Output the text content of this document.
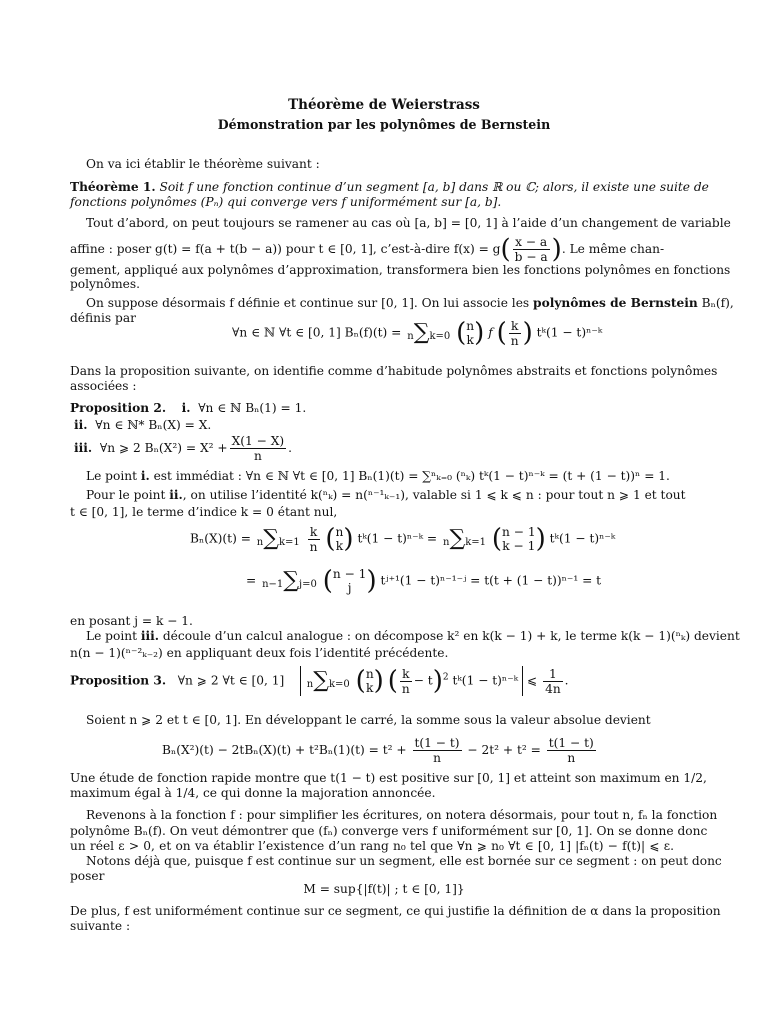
Théorème de Weierstrass
Démonstration par les polynômes de Bernstein
On va ici établir le théorème suivant :
Théorème 1. Soit f une fonction continue d’un segment [a, b] dans ℝ ou ℂ; alors, il existe une suite de
fonctions polynômes (Pₙ) qui converge vers f uniformément sur [a, b].
Tout d’abord, on peut toujours se ramener au cas où [a, b] = [0, 1] à l’aide d’un changement de variable
affine : poser g(t) = f(a + t(b − a)) pour t ∈ [0, 1], c’est-à-dire $f(x) = g( \frac{x - a}{b - a}$ ). Le même chan-
gement, appliqué aux polynômes d’approximation, transformera bien les fonctions polynômes en fonctions
polynômes.
On suppose désormais f définie et continue sur [0, 1]. On lui associe les polynômes de Bernstein Bₙ(f),
définis par
∀n ∈ ℕ ∀t ∈ [0, 1] Bₙ(f)(t) = n∑k=0 ( n
k ) f ( $\frac{k}{n}$ ) tᵏ(1 − t)ⁿ⁻ᵏ
Dans la proposition suivante, on identifie comme d’habitude polynômes abstraits et fonctions polynômes
associées :
Proposition 2. i. ∀n ∈ ℕ Bₙ(1) = 1.
ii. ∀n ∈ ℕ* Bₙ(X) = X.
iii. ∀n ⩾ 2 $B_n(X^2) = X^2 + \frac{X(1 - X)}{n}$ .
Le point i. est immédiat : ∀n ∈ ℕ ∀t ∈ [0, 1] Bₙ(1)(t) = ∑ⁿₖ₌₀ (ⁿₖ) tᵏ(1 − t)ⁿ⁻ᵏ = (t + (1 − t))ⁿ = 1.
Pour le point ii., on utilise l’identité k(ⁿₖ) = n(ⁿ⁻¹ₖ₋₁), valable si 1 ⩽ k ⩽ n : pour tout n ⩾ 1 et tout
t ∈ [0, 1], le terme d’indice k = 0 étant nul,
$B_n(X)(t) = n\sum k=1 \frac{k}{n}$ ( n
k ) tᵏ(1 − t)ⁿ⁻ᵏ = n∑k=1 ( n − 1
k − 1 ) tᵏ(1 − t)ⁿ⁻ᵏ
= n−1∑j=0 ( n − 1
j ) tʲ⁺¹(1 − t)ⁿ⁻¹⁻ʲ = t(t + (1 − t))ⁿ⁻¹ = t
en posant j = k − 1.
Le point iii. découle d’un calcul analogue : on décompose k² en k(k − 1) + k, le terme k(k − 1)(ⁿₖ) devient
n(n − 1)(ⁿ⁻²ₖ₋₂) en appliquant deux fois l’identité précédente.
Proposition 3. ∀n ⩾ 2 ∀t ∈ [0, 1] n∑k=0 ( n
k ) ( $\frac{k}{n} - t)^2$ tᵏ(1 − t)ⁿ⁻ᵏ ⩽ $\frac{1}{4n}$ .
Soient n ⩾ 2 et t ∈ [0, 1]. En développant le carré, la somme sous la valeur absolue devient
$B_n(X^2)(t) - 2tB_n(X)(t) + t^2B_n(1)(t) = t^2 + \frac{t(1 - t)}{n} - 2t^2 + t^2 = \frac{t(1 - t)}{n}$
Une étude de fonction rapide montre que t(1 − t) est positive sur [0, 1] et atteint son maximum en 1/2,
maximum égal à 1/4, ce qui donne la majoration annoncée.
Revenons à la fonction f : pour simplifier les écritures, on notera désormais, pour tout n, fₙ la fonction
polynôme Bₙ(f). On veut démontrer que (fₙ) converge vers f uniformément sur [0, 1]. On se donne donc
un réel ε > 0, et on va établir l’existence d’un rang n₀ tel que ∀n ⩾ n₀ ∀t ∈ [0, 1] |fₙ(t) − f(t)| ⩽ ε.
Notons déjà que, puisque f est continue sur un segment, elle est bornée sur ce segment : on peut donc
poser
M = sup{|f(t)| ; t ∈ [0, 1]}
De plus, f est uniformément continue sur ce segment, ce qui justifie la définition de α dans la proposition
suivante :
